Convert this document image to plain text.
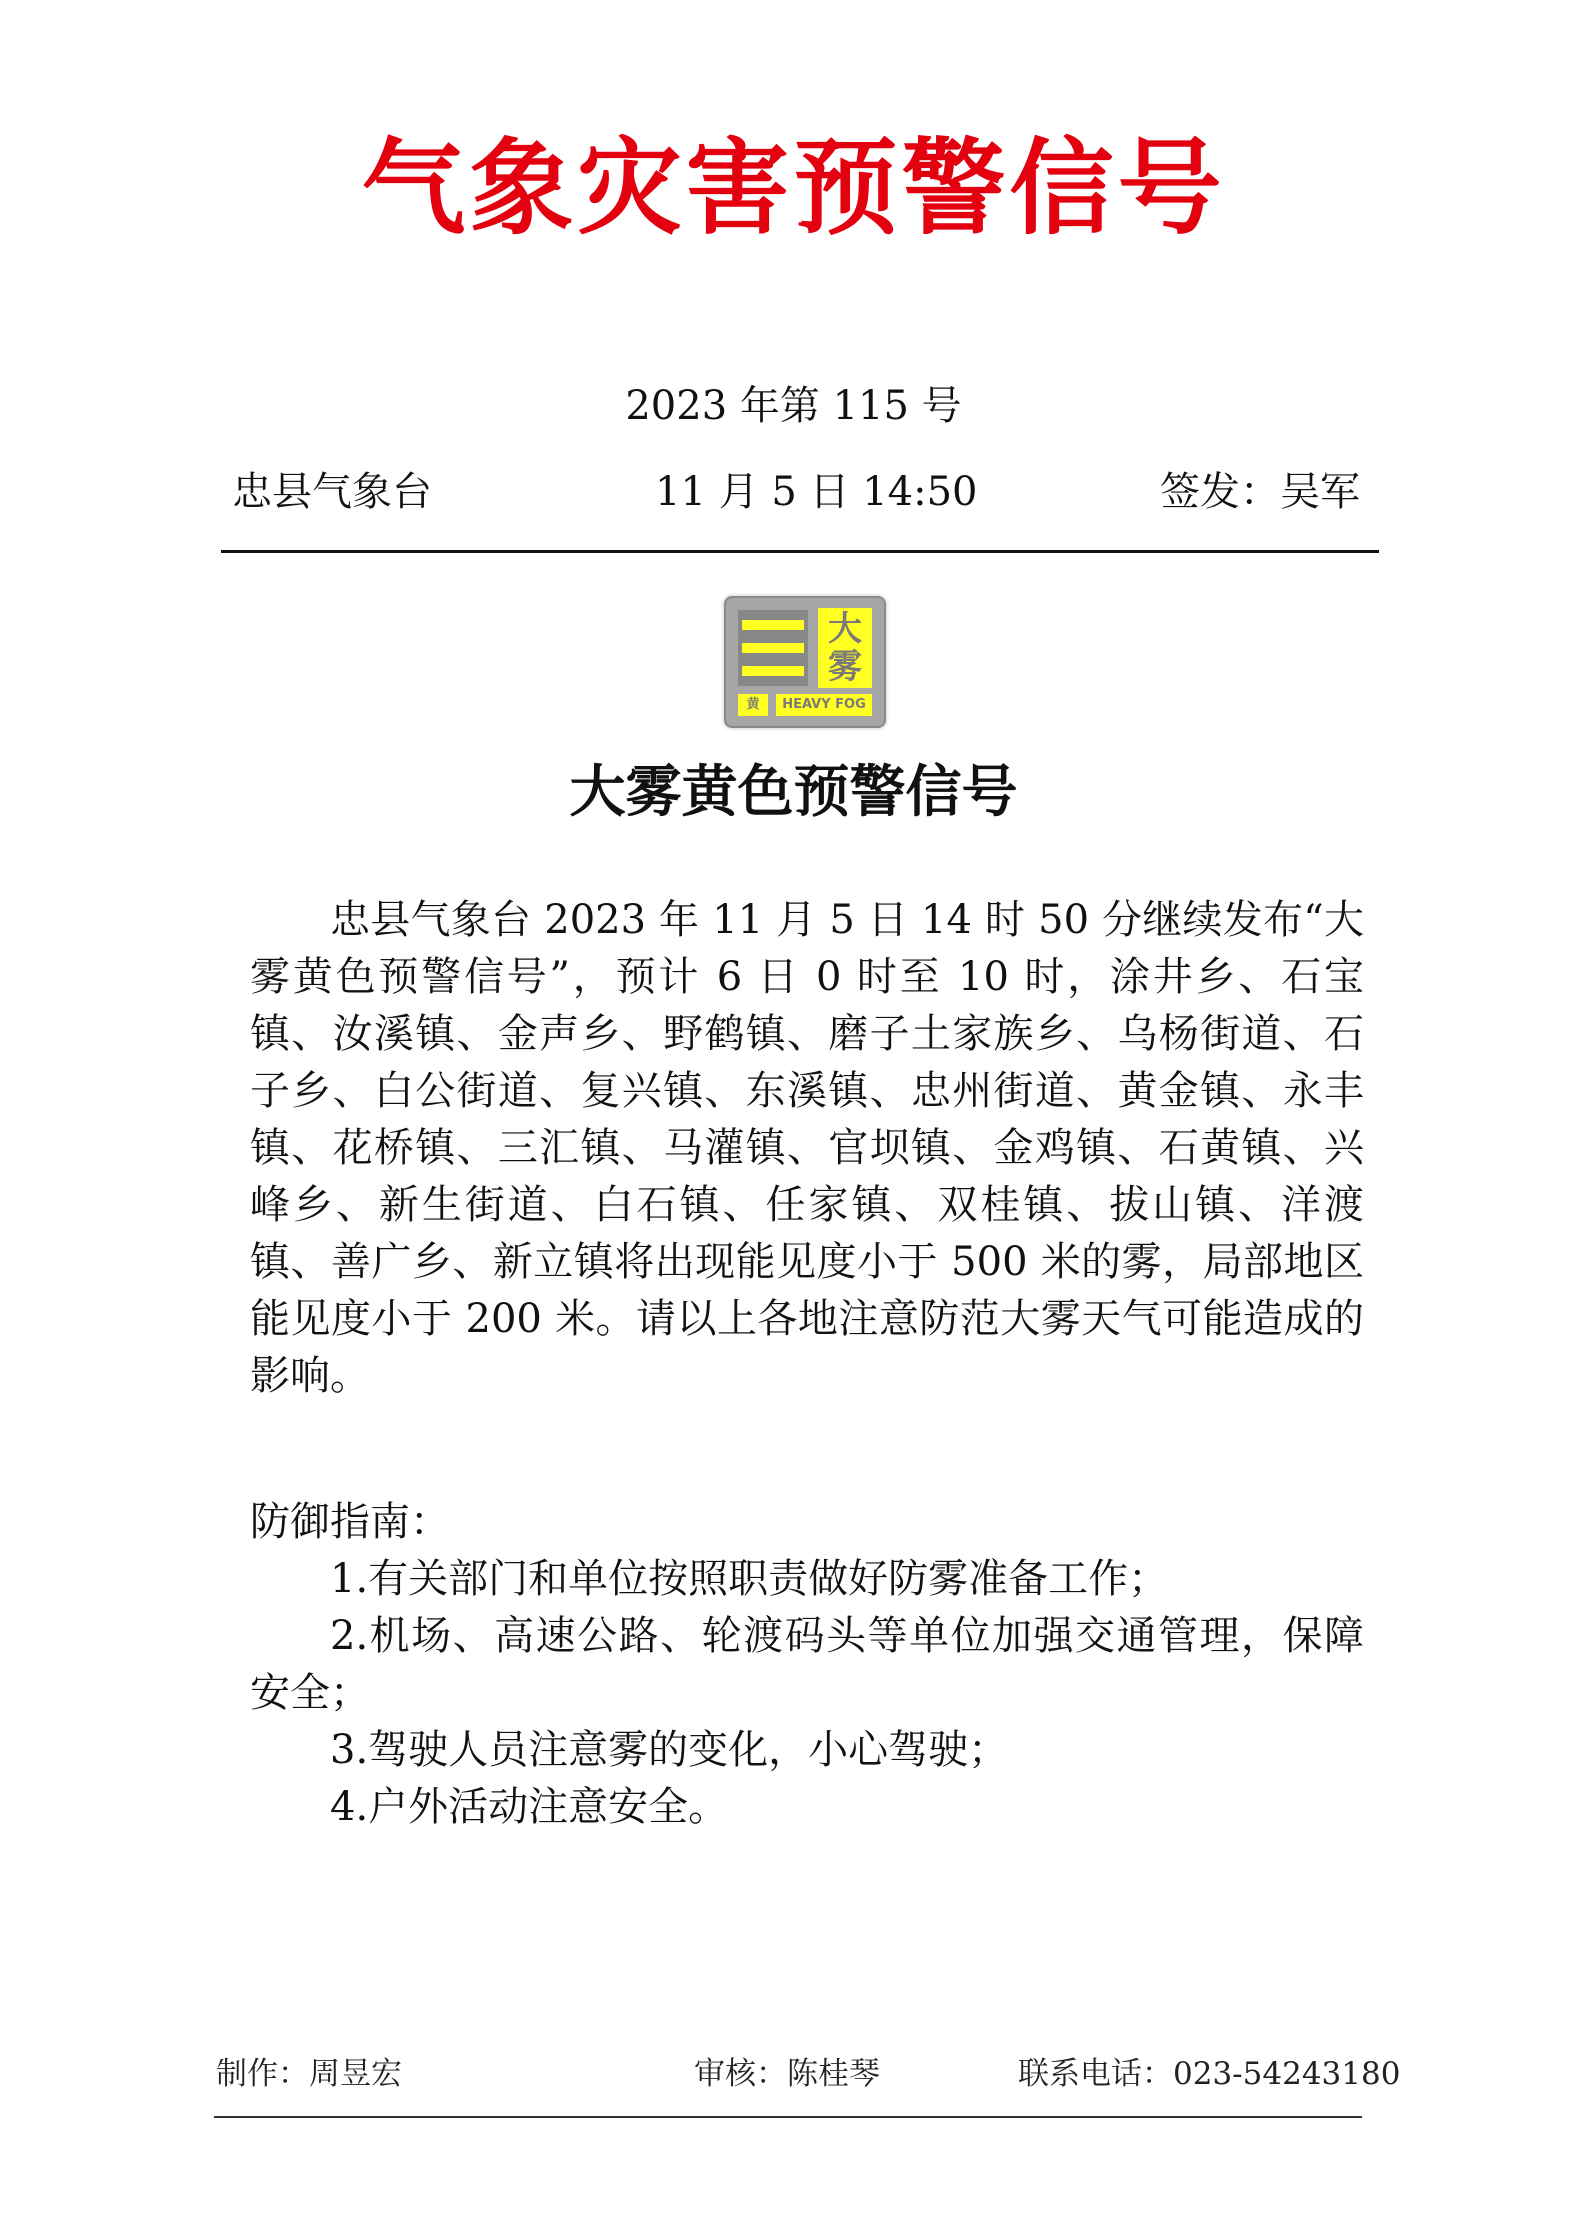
气象灾害预警信号
2023 年第 115 号
忠县气象台	11 月 5 日 14:50	签发：吴军
大
雾
黄	HEAVY FOG
大雾黄色预警信号
忠县气象台 2023 年 11 月 5 日 14 时 50 分继续发布“大雾黄色预警信号”，预计 6 日 0 时至 10 时，涂井乡、石宝镇、汝溪镇、金声乡、野鹤镇、磨子土家族乡、乌杨街道、石子乡、白公街道、复兴镇、东溪镇、忠州街道、黄金镇、永丰镇、花桥镇、三汇镇、马灌镇、官坝镇、金鸡镇、石黄镇、兴峰乡、新生街道、白石镇、任家镇、双桂镇、拔山镇、洋渡镇、善广乡、新立镇将出现能见度小于 500 米的雾，局部地区能见度小于 200 米。请以上各地注意防范大雾天气可能造成的影响。
防御指南：
1.有关部门和单位按照职责做好防雾准备工作；
2.机场、高速公路、轮渡码头等单位加强交通管理，保障安全；
3.驾驶人员注意雾的变化，小心驾驶；
4.户外活动注意安全。
制作：周昱宏	审核：陈桂琴	联系电话：023-54243180
